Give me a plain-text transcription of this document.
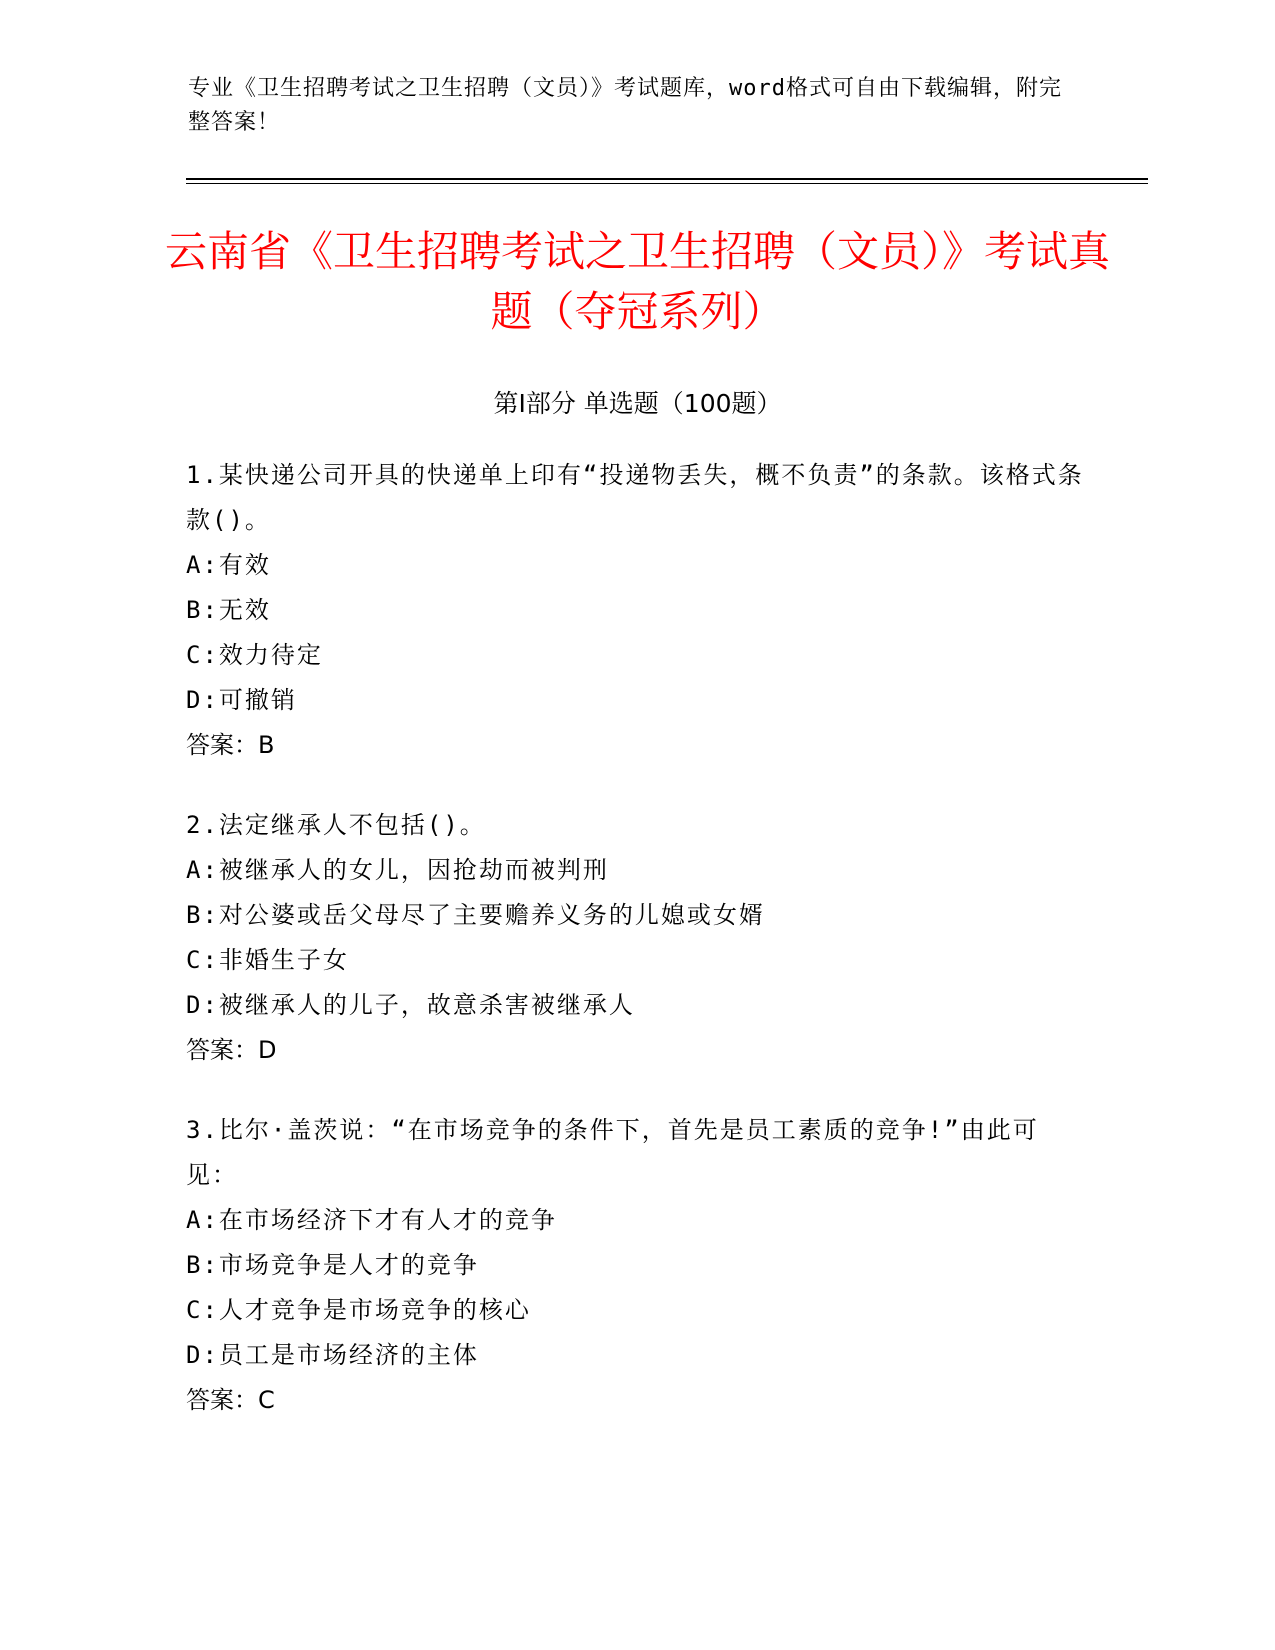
专业《卫生招聘考试之卫生招聘（文员）》考试题库，word格式可自由下载编辑，附完整答案！
云南省《卫生招聘考试之卫生招聘（文员）》考试真题（夺冠系列）
第Ⅰ部分 单选题（100题）

1.某快递公司开具的快递单上印有“投递物丢失，概不负责”的条款。该格式条款()。

A:有效

B:无效

C:效力待定

D:可撤销

答案：B

2.法定继承人不包括()。

A:被继承人的女儿，因抢劫而被判刑

B:对公婆或岳父母尽了主要赡养义务的儿媳或女婿

C:非婚生子女

D:被继承人的儿子，故意杀害被继承人

答案：D

3.比尔·盖茨说：“在市场竞争的条件下，首先是员工素质的竞争!”由此可见：

A:在市场经济下才有人才的竞争

B:市场竞争是人才的竞争

C:人才竞争是市场竞争的核心

D:员工是市场经济的主体

答案：C
